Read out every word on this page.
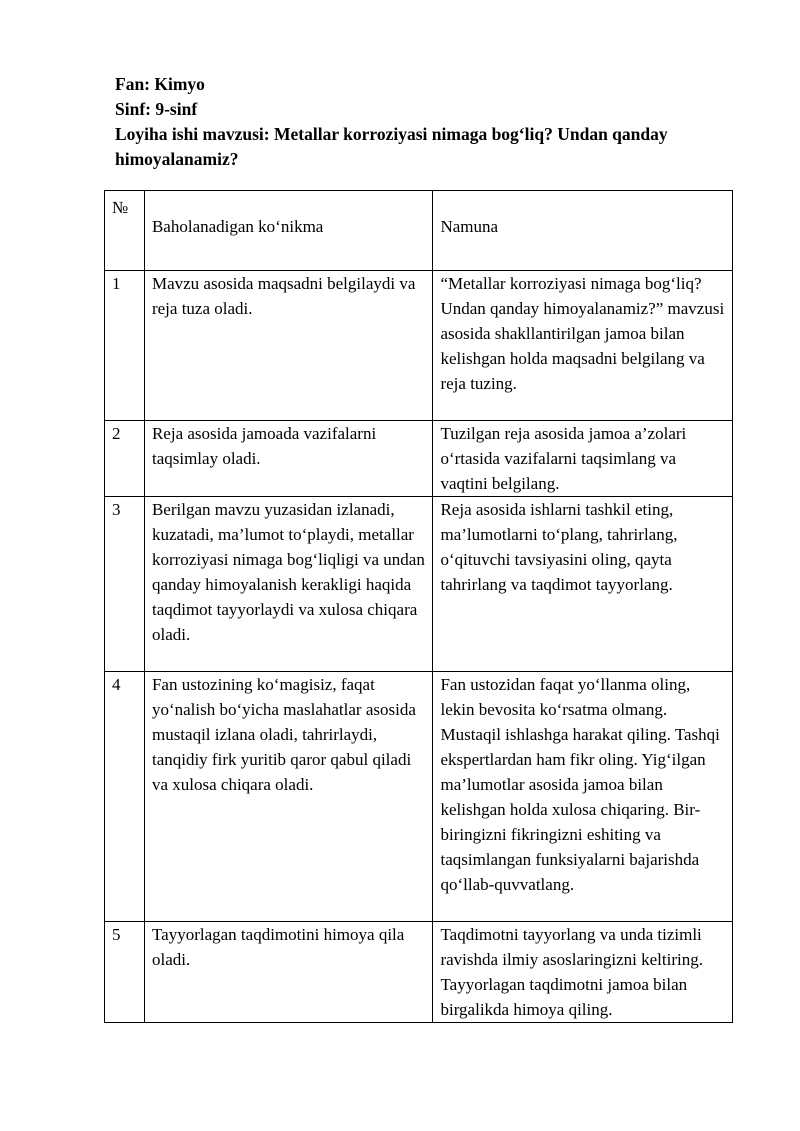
Fan: Kimyo
Sinf: 9-sinf
Loyiha ishi mavzusi: Metallar korroziyasi nimaga bog‘liq? Undan qanday himoyalanamiz?
№	Baholanadigan ko‘nikma	Namuna

1	Mavzu asosida maqsadni belgilaydi va reja tuza oladi.	“Metallar korroziyasi nimaga bog‘liq? Undan qanday himoyalanamiz?” mavzusi asosida shakllantirilgan jamoa bilan kelishgan holda maqsadni belgilang va reja tuzing.
2	Reja asosida jamoada vazifalarni taqsimlay oladi.	Tuzilgan reja asosida jamoa a’zolari o‘rtasida vazifalarni taqsimlang va vaqtini belgilang.
3	Berilgan mavzu yuzasidan izlanadi, kuzatadi, ma’lumot to‘playdi, metallar korroziyasi nimaga bog‘liqligi va undan qanday himoyalanish kerakligi haqida taqdimot tayyorlaydi va xulosa chiqara oladi.	Reja asosida ishlarni tashkil eting, ma’lumotlarni to‘plang, tahrirlang, o‘qituvchi tavsiyasini oling, qayta tahrirlang va taqdimot tayyorlang.
4	Fan ustozining ko‘magisiz, faqat yo‘nalish bo‘yicha maslahatlar asosida mustaqil izlana oladi, tahrirlaydi, tanqidiy firk yuritib qaror qabul qiladi va xulosa chiqara oladi.	Fan ustozidan faqat yo‘llanma oling, lekin bevosita ko‘rsatma olmang. Mustaqil ishlashga harakat qiling. Tashqi ekspertlardan ham fikr oling. Yig‘ilgan ma’lumotlar asosida jamoa bilan kelishgan holda xulosa chiqaring. Bir-biringizni fikringizni eshiting va taqsimlangan funksiyalarni bajarishda qo‘llab-quvvatlang.
5	Tayyorlagan taqdimotini himoya qila oladi.	Taqdimotni tayyorlang va unda tizimli ravishda ilmiy asoslaringizni keltiring. Tayyorlagan taqdimotni jamoa bilan birgalikda himoya qiling.
